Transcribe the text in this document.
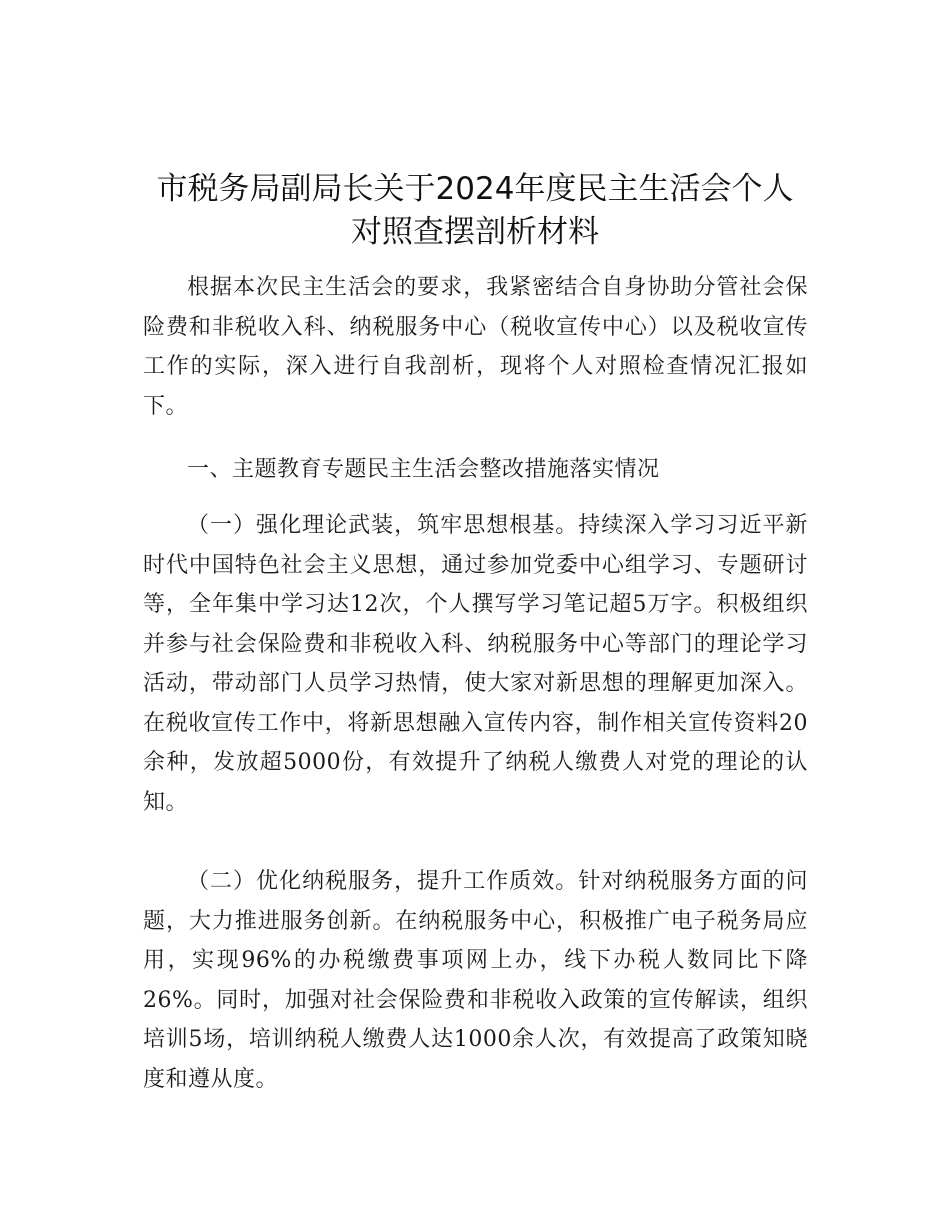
市税务局副局长关于2024年度民主生活会个人
对照查摆剖析材料

根据本次民主生活会的要求，我紧密结合自身协助分管社会保险费和非税收入科、纳税服务中心（税收宣传中心）以及税收宣传工作的实际，深入进行自我剖析，现将个人对照检查情况汇报如下。

一、主题教育专题民主生活会整改措施落实情况

（一）强化理论武装，筑牢思想根基。持续深入学习习近平新时代中国特色社会主义思想，通过参加党委中心组学习、专题研讨等，全年集中学习达12次，个人撰写学习笔记超5万字。积极组织并参与社会保险费和非税收入科、纳税服务中心等部门的理论学习活动，带动部门人员学习热情，使大家对新思想的理解更加深入。在税收宣传工作中，将新思想融入宣传内容，制作相关宣传资料20余种，发放超5000份，有效提升了纳税人缴费人对党的理论的认知。

（二）优化纳税服务，提升工作质效。针对纳税服务方面的问题，大力推进服务创新。在纳税服务中心，积极推广电子税务局应用，实现96%的办税缴费事项网上办，线下办税人数同比下降26%。同时，加强对社会保险费和非税收入政策的宣传解读，组织培训5场，培训纳税人缴费人达1000余人次，有效提高了政策知晓度和遵从度。
